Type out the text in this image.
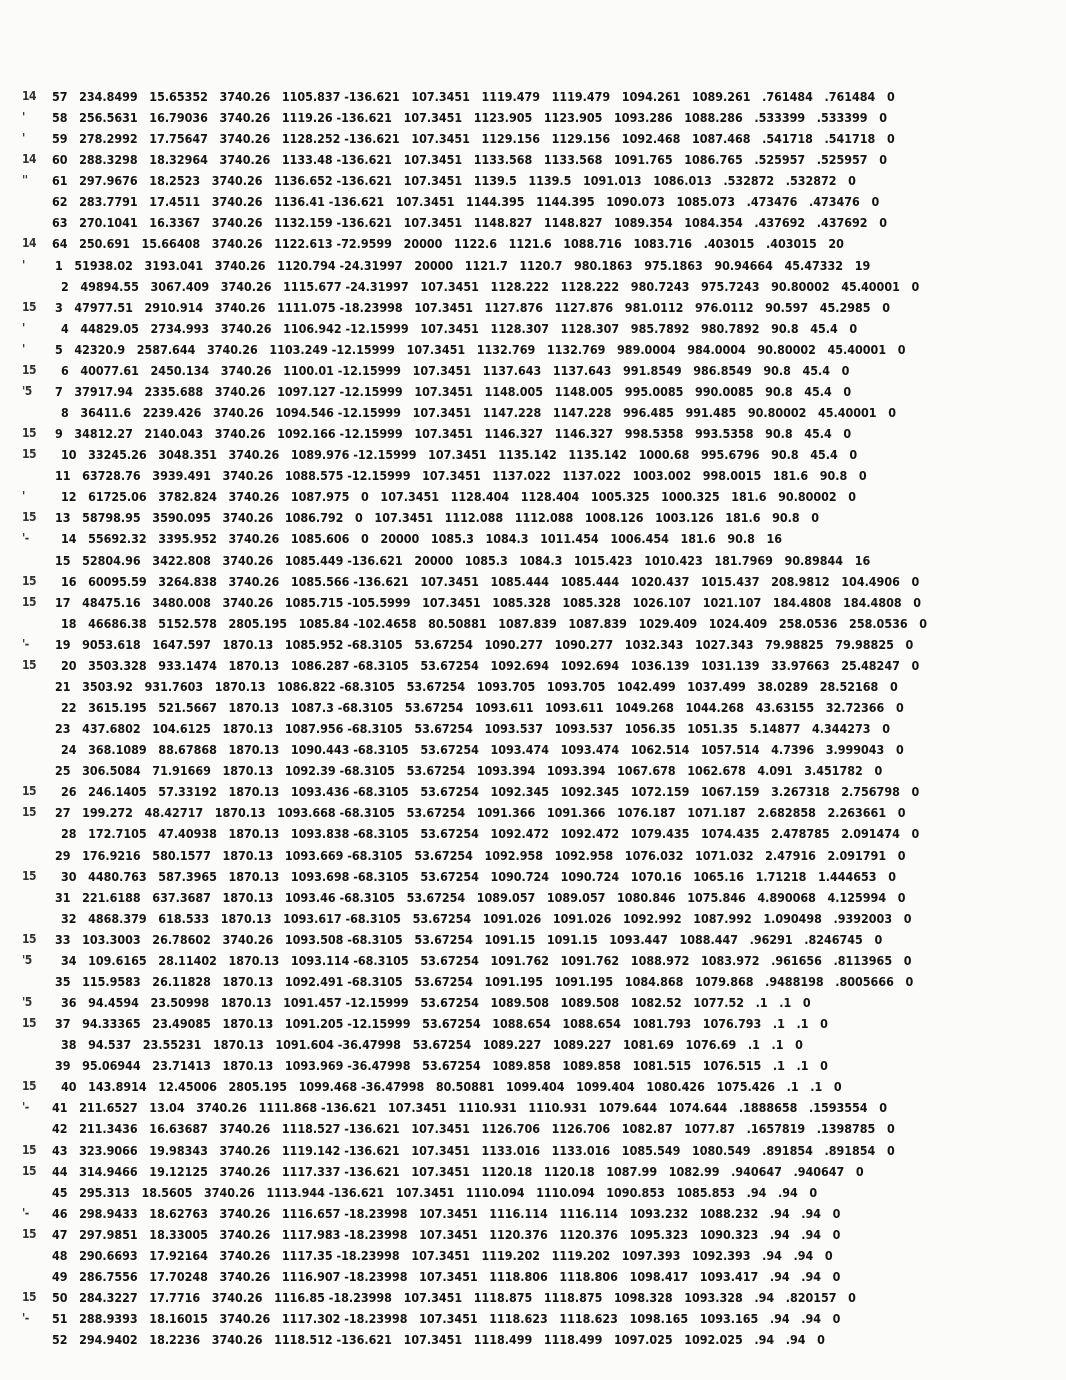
14 57   234.8499   15.65352   3740.26   1105.837 -136.621   107.3451   1119.479   1119.479   1094.261   1089.261   .761484   .761484   0
'	58   256.5631   16.79036   3740.26   1119.26 -136.621   107.3451   1123.905   1123.905   1093.286   1088.286   .533399   .533399   0
'	59   278.2992   17.75647   3740.26   1128.252 -136.621   107.3451   1129.156   1129.156   1092.468   1087.468   .541718   .541718   0
14 60   288.3298   18.32964   3740.26   1133.48 -136.621   107.3451   1133.568   1133.568   1091.765   1086.765   .525957   .525957   0
''	61   297.9676   18.2523   3740.26   1136.652 -136.621   107.3451   1139.5   1139.5   1091.013   1086.013   .532872   .532872   0
62   283.7791   17.4511   3740.26   1136.41 -136.621   107.3451   1144.395   1144.395   1090.073   1085.073   .473476   .473476   0
63   270.1041   16.3367   3740.26   1132.159 -136.621   107.3451   1148.827   1148.827   1089.354   1084.354   .437692   .437692   0
14 64   250.691   15.66408   3740.26   1122.613 -72.9599   20000   1122.6   1121.6   1088.716   1083.716   .403015   .403015   20
'	1   51938.02   3193.041   3740.26   1120.794 -24.31997   20000   1121.7   1120.7   980.1863   975.1863   90.94664   45.47332   19
2   49894.55   3067.409   3740.26   1115.677 -24.31997   107.3451   1128.222   1128.222   980.7243   975.7243   90.80002   45.40001   0
15 3   47977.51   2910.914   3740.26   1111.075 -18.23998   107.3451   1127.876   1127.876   981.0112   976.0112   90.597   45.2985   0
'	4   44829.05   2734.993   3740.26   1106.942 -12.15999   107.3451   1128.307   1128.307   985.7892   980.7892   90.8   45.4   0
'	5   42320.9   2587.644   3740.26   1103.249 -12.15999   107.3451   1132.769   1132.769   989.0004   984.0004   90.80002   45.40001   0
15 6   40077.61   2450.134   3740.26   1100.01 -12.15999   107.3451   1137.643   1137.643   991.8549   986.8549   90.8   45.4   0
'5	7   37917.94   2335.688   3740.26   1097.127 -12.15999   107.3451   1148.005   1148.005   995.0085   990.0085   90.8   45.4   0
8   36411.6   2239.426   3740.26   1094.546 -12.15999   107.3451   1147.228   1147.228   996.485   991.485   90.80002   45.40001   0
15 9   34812.27   2140.043   3740.26   1092.166 -12.15999   107.3451   1146.327   1146.327   998.5358   993.5358   90.8   45.4   0
15 10   33245.26   3048.351   3740.26   1089.976 -12.15999   107.3451   1135.142   1135.142   1000.68   995.6796   90.8   45.4   0
11   63728.76   3939.491   3740.26   1088.575 -12.15999   107.3451   1137.022   1137.022   1003.002   998.0015   181.6   90.8   0
'	12   61725.06   3782.824   3740.26   1087.975   0   107.3451   1128.404   1128.404   1005.325   1000.325   181.6   90.80002   0
15 13   58798.95   3590.095   3740.26   1086.792   0   107.3451   1112.088   1112.088   1008.126   1003.126   181.6   90.8   0
'-	14   55692.32   3395.952   3740.26   1085.606   0   20000   1085.3   1084.3   1011.454   1006.454   181.6   90.8   16
15   52804.96   3422.808   3740.26   1085.449 -136.621   20000   1085.3   1084.3   1015.423   1010.423   181.7969   90.89844   16
15 16   60095.59   3264.838   3740.26   1085.566 -136.621   107.3451   1085.444   1085.444   1020.437   1015.437   208.9812   104.4906   0
15 17   48475.16   3480.008   3740.26   1085.715 -105.5999   107.3451   1085.328   1085.328   1026.107   1021.107   184.4808   184.4808   0
18   46686.38   5152.578   2805.195   1085.84 -102.4658   80.50881   1087.839   1087.839   1029.409   1024.409   258.0536   258.0536   0
'-	19   9053.618   1647.597   1870.13   1085.952 -68.3105   53.67254   1090.277   1090.277   1032.343   1027.343   79.98825   79.98825   0
15 20   3503.328   933.1474   1870.13   1086.287 -68.3105   53.67254   1092.694   1092.694   1036.139   1031.139   33.97663   25.48247   0
21   3503.92   931.7603   1870.13   1086.822 -68.3105   53.67254   1093.705   1093.705   1042.499   1037.499   38.0289   28.52168   0
22   3615.195   521.5667   1870.13   1087.3 -68.3105   53.67254   1093.611   1093.611   1049.268   1044.268   43.63155   32.72366   0
23   437.6802   104.6125   1870.13   1087.956 -68.3105   53.67254   1093.537   1093.537   1056.35   1051.35   5.14877   4.344273   0
24   368.1089   88.67868   1870.13   1090.443 -68.3105   53.67254   1093.474   1093.474   1062.514   1057.514   4.7396   3.999043   0
25   306.5084   71.91669   1870.13   1092.39 -68.3105   53.67254   1093.394   1093.394   1067.678   1062.678   4.091   3.451782   0
15 26   246.1405   57.33192   1870.13   1093.436 -68.3105   53.67254   1092.345   1092.345   1072.159   1067.159   3.267318   2.756798   0
15 27   199.272   48.42717   1870.13   1093.668 -68.3105   53.67254   1091.366   1091.366   1076.187   1071.187   2.682858   2.263661   0
28   172.7105   47.40938   1870.13   1093.838 -68.3105   53.67254   1092.472   1092.472   1079.435   1074.435   2.478785   2.091474   0
29   176.9216   580.1577   1870.13   1093.669 -68.3105   53.67254   1092.958   1092.958   1076.032   1071.032   2.47916   2.091791   0
15 30   4480.763   587.3965   1870.13   1093.698 -68.3105   53.67254   1090.724   1090.724   1070.16   1065.16   1.71218   1.444653   0
31   221.6188   637.3687   1870.13   1093.46 -68.3105   53.67254   1089.057   1089.057   1080.846   1075.846   4.890068   4.125994   0
32   4868.379   618.533   1870.13   1093.617 -68.3105   53.67254   1091.026   1091.026   1092.992   1087.992   1.090498   .9392003   0
15 33   103.3003   26.78602   3740.26   1093.508 -68.3105   53.67254   1091.15   1091.15   1093.447   1088.447   .96291   .8246745   0
'5	34   109.6165   28.11402   1870.13   1093.114 -68.3105   53.67254   1091.762   1091.762   1088.972   1083.972   .961656   .8113965   0
35   115.9583   26.11828   1870.13   1092.491 -68.3105   53.67254   1091.195   1091.195   1084.868   1079.868   .9488198   .8005666   0
'5	36   94.4594   23.50998   1870.13   1091.457 -12.15999   53.67254   1089.508   1089.508   1082.52   1077.52   .1   .1   0
15 37   94.33365   23.49085   1870.13   1091.205 -12.15999   53.67254   1088.654   1088.654   1081.793   1076.793   .1   .1   0
38   94.537   23.55231   1870.13   1091.604 -36.47998   53.67254   1089.227   1089.227   1081.69   1076.69   .1   .1   0
39   95.06944   23.71413   1870.13   1093.969 -36.47998   53.67254   1089.858   1089.858   1081.515   1076.515   .1   .1   0
15 40   143.8914   12.45006   2805.195   1099.468 -36.47998   80.50881   1099.404   1099.404   1080.426   1075.426   .1   .1   0
'-	41   211.6527   13.04   3740.26   1111.868 -136.621   107.3451   1110.931   1110.931   1079.644   1074.644   .1888658   .1593554   0
42   211.3436   16.63687   3740.26   1118.527 -136.621   107.3451   1126.706   1126.706   1082.87   1077.87   .1657819   .1398785   0
15 43   323.9066   19.98343   3740.26   1119.142 -136.621   107.3451   1133.016   1133.016   1085.549   1080.549   .891854   .891854   0
15 44   314.9466   19.12125   3740.26   1117.337 -136.621   107.3451   1120.18   1120.18   1087.99   1082.99   .940647   .940647   0
45   295.313   18.5605   3740.26   1113.944 -136.621   107.3451   1110.094   1110.094   1090.853   1085.853   .94   .94   0
'-	46   298.9433   18.62763   3740.26   1116.657 -18.23998   107.3451   1116.114   1116.114   1093.232   1088.232   .94   .94   0
15 47   297.9851   18.33005   3740.26   1117.983 -18.23998   107.3451   1120.376   1120.376   1095.323   1090.323   .94   .94   0
48   290.6693   17.92164   3740.26   1117.35 -18.23998   107.3451   1119.202   1119.202   1097.393   1092.393   .94   .94   0
49   286.7556   17.70248   3740.26   1116.907 -18.23998   107.3451   1118.806   1118.806   1098.417   1093.417   .94   .94   0
15 50   284.3227   17.7716   3740.26   1116.85 -18.23998   107.3451   1118.875   1118.875   1098.328   1093.328   .94   .820157   0
'-	51   288.9393   18.16015   3740.26   1117.302 -18.23998   107.3451   1118.623   1118.623   1098.165   1093.165   .94   .94   0
52   294.9402   18.2236   3740.26   1118.512 -136.621   107.3451   1118.499   1118.499   1097.025   1092.025   .94   .94   0
